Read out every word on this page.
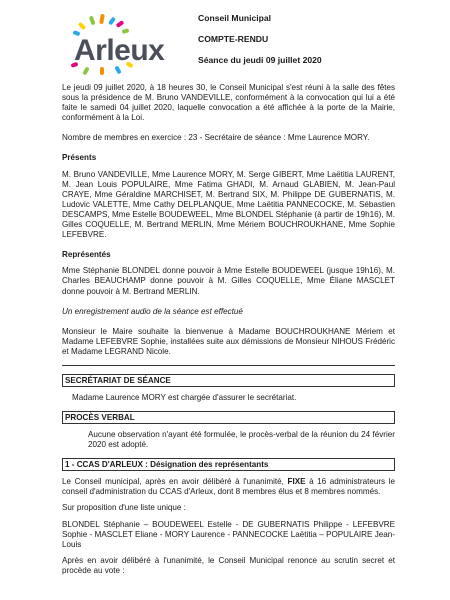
Arleux
Conseil Municipal
COMPTE-RENDU
Séance du jeudi 09 juillet 2020

Le jeudi 09 juillet 2020, à 18 heures 30, le Conseil Municipal s'est réuni à la salle des fêtes sous la présidence de M. Bruno VANDEVILLE, conformément à la convocation qui lui a été faite le samedi 04 juillet 2020, laquelle convocation a été affichée à la porte de la Mairie, conformément à la Loi.

Nombre de membres en exercice : 23 - Secrétaire de séance : Mme Laurence MORY.

Présents

M. Bruno VANDEVILLE, Mme Laurence MORY, M. Serge GIBERT, Mme Laëtitia LAURENT, M. Jean Louis POPULAIRE, Mme Fatima GHADI, M. Arnaud GLABIEN, M. Jean-Paul CRAYE, Mme Géraldine MARCHISET, M. Bertrand SIX, M. Philippe DE GUBERNATIS, M. Ludovic VALETTE, Mme Cathy DELPLANQUE, Mme Laëtitia PANNECOCKE, M. Sébastien DESCAMPS, Mme Estelle BOUDEWEEL, Mme BLONDEL Stéphanie (à partir de 19h16), M. Gilles COQUELLE, M. Bertrand MERLIN, Mme Mériem BOUCHROUKHANE, Mme Sophie LEFEBVRE.

Représentés

Mme Stéphanie BLONDEL donne pouvoir à Mme Estelle BOUDEWEEL (jusque 19h16), M. Charles BEAUCHAMP donne pouvoir à M. Gilles COQUELLE, Mme Éliane MASCLET donne pouvoir à M. Bertrand MERLIN.

Un enregistrement audio de la séance est effectué

Monsieur le Maire souhaite la bienvenue à Madame BOUCHROUKHANE Mériem et Madame LEFEBVRE Sophie, installées suite aux démissions de Monsieur NIHOUS Frédéric et Madame LEGRAND Nicole.

SECRÉTARIAT DE SÉANCE

Madame Laurence MORY est chargée d'assurer le secrétariat.

PROCÈS VERBAL

Aucune observation n'ayant été formulée, le procès-verbal de la réunion du 24 février 2020 est adopté.

1 - CCAS D'ARLEUX : Désignation des représentants

Le Conseil municipal, après en avoir délibéré à l'unanimité, FIXE à 16 administrateurs le conseil d'administration du CCAS d'Arleux, dont 8 membres élus et 8 membres nommés.

Sur proposition d'une liste unique :

BLONDEL Stéphanie – BOUDEWEEL Estelle - DE GUBERNATIS Philippe - LEFEBVRE Sophie - MASCLET Eliane - MORY Laurence - PANNECOCKE Laëtitia – POPULAIRE Jean-Louis

Après en avoir délibéré à l'unanimité, le Conseil Municipal renonce au scrutin secret et procède au vote :
